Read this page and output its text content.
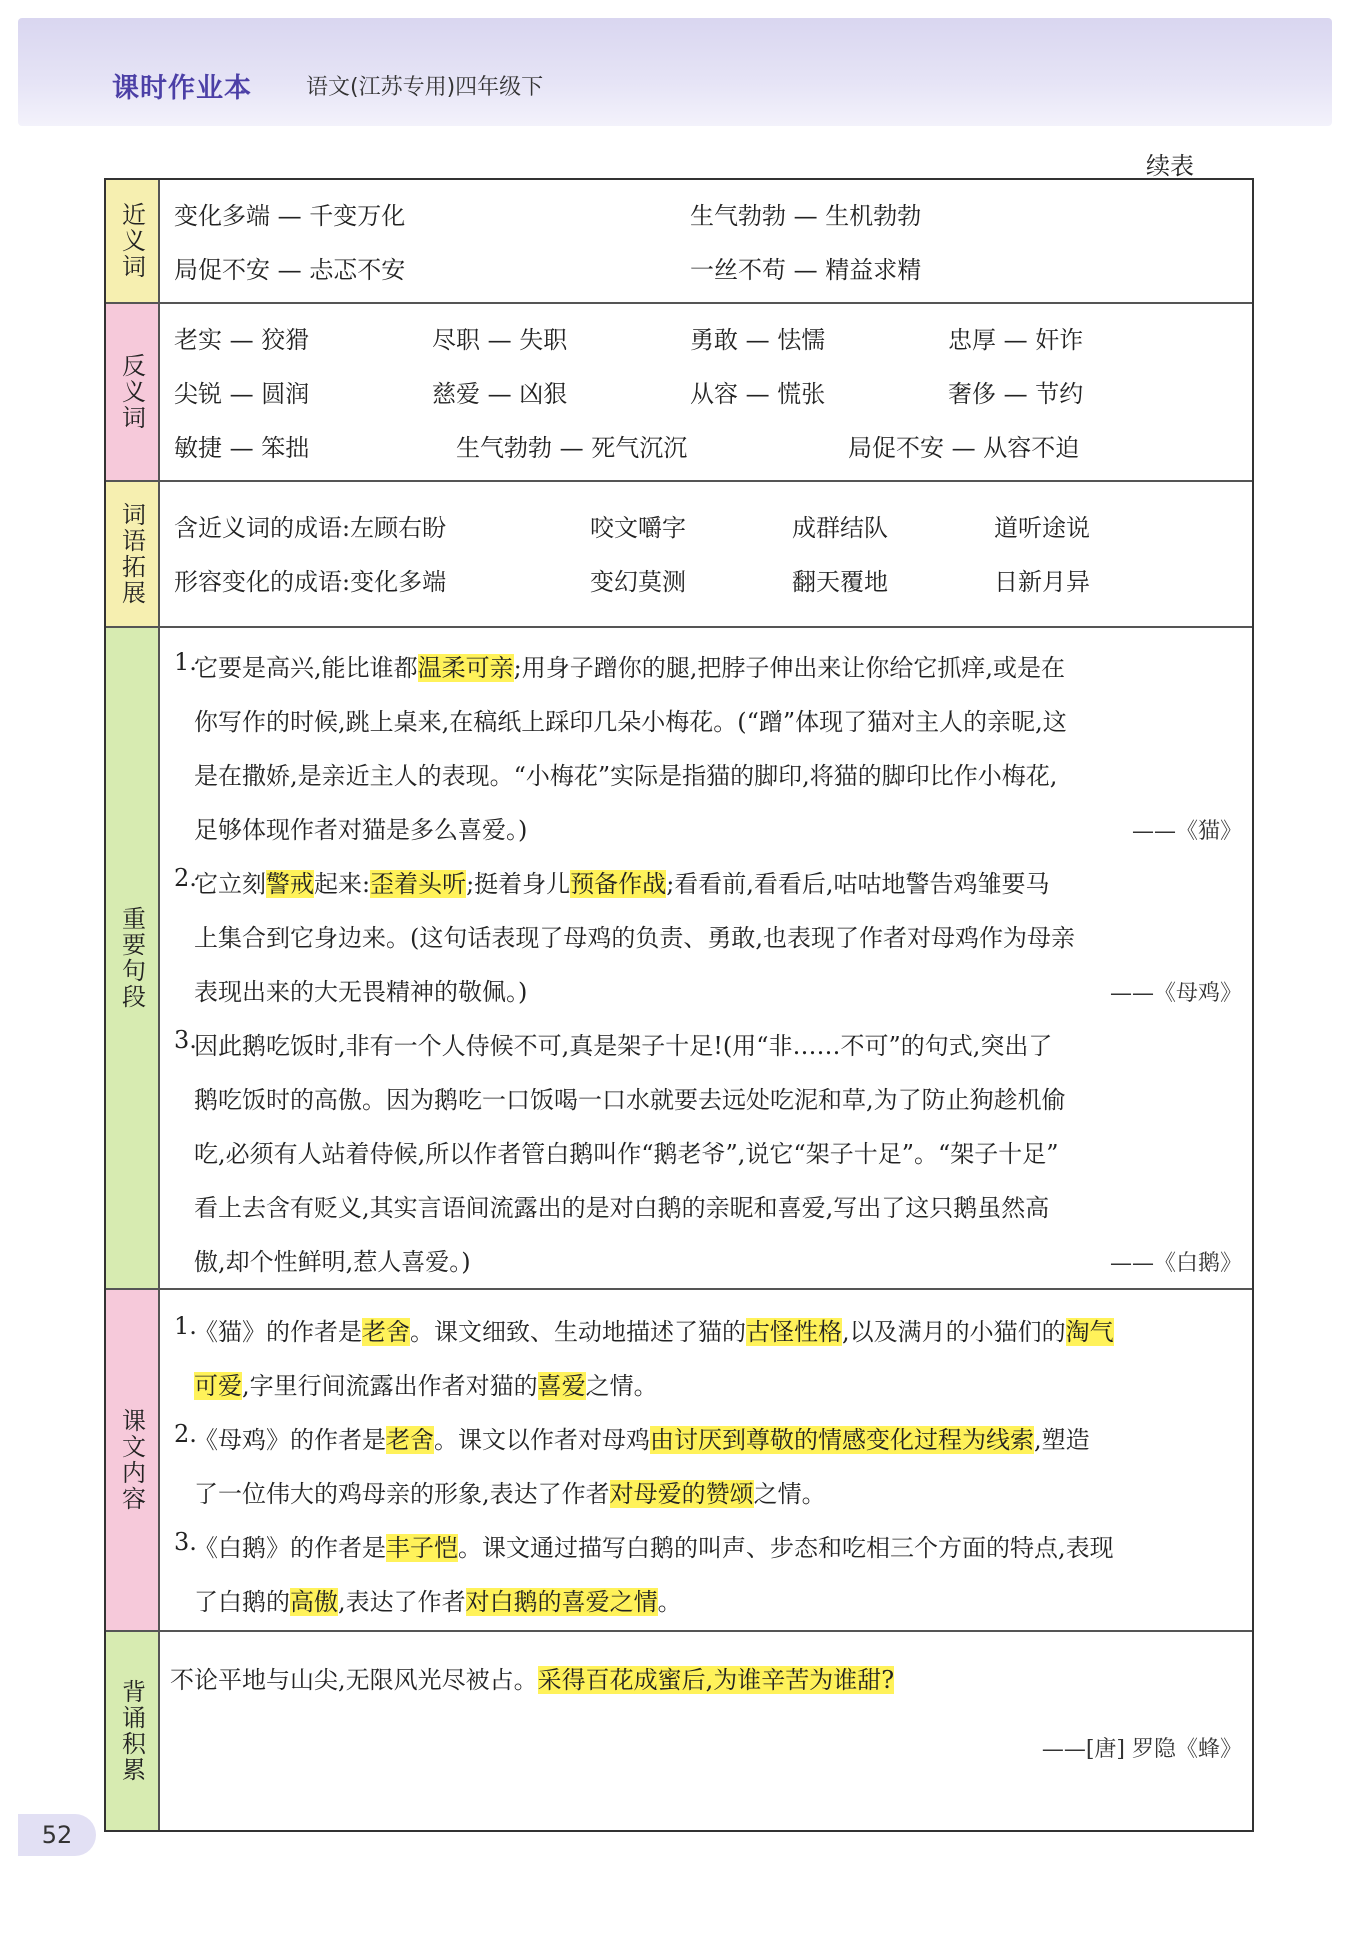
课时作业本 语文(江苏专用)四年级下
续表
近义词 变化多端 — 千变万化	生气勃勃 — 生机勃勃
局促不安 — 忐忑不安	一丝不苟 — 精益求精
反义词
老实 — 狡猾	尽职 — 失职	勇敢 — 怯懦	忠厚 — 奸诈
尖锐 — 圆润	慈爱 — 凶狠	从容 — 慌张	奢侈 — 节约
敏捷 — 笨拙	生气勃勃 — 死气沉沉	局促不安 — 从容不迫
词语拓展 含近义词的成语:左顾右盼	咬文嚼字	成群结队	道听途说
形容变化的成语:变化多端	变幻莫测	翻天覆地	日新月异
重要句段
1.
它要是高兴,能比谁都温柔可亲;用身子蹭你的腿,把脖子伸出来让你给它抓痒,或是在
你写作的时候,跳上桌来,在稿纸上踩印几朵小梅花。(“蹭”体现了猫对主人的亲昵,这
是在撒娇,是亲近主人的表现。“小梅花”实际是指猫的脚印,将猫的脚印比作小梅花,
足够体现作者对猫是多么喜爱。)	——《猫》
2.
它立刻警戒起来:歪着头听;挺着身儿预备作战;看看前,看看后,咕咕地警告鸡雏要马
上集合到它身边来。(这句话表现了母鸡的负责、勇敢,也表现了作者对母鸡作为母亲
表现出来的大无畏精神的敬佩。)	——《母鸡》
3.
因此鹅吃饭时,非有一个人侍候不可,真是架子十足!(用“非……不可”的句式,突出了
鹅吃饭时的高傲。因为鹅吃一口饭喝一口水就要去远处吃泥和草,为了防止狗趁机偷
吃,必须有人站着侍候,所以作者管白鹅叫作“鹅老爷”,说它“架子十足”。“架子十足”
看上去含有贬义,其实言语间流露出的是对白鹅的亲昵和喜爱,写出了这只鹅虽然高
傲,却个性鲜明,惹人喜爱。)	——《白鹅》
课文内容
1.
《猫》的作者是老舍。课文细致、生动地描述了猫的古怪性格,以及满月的小猫们的淘气
可爱,字里行间流露出作者对猫的喜爱之情。
2.
《母鸡》的作者是老舍。课文以作者对母鸡由讨厌到尊敬的情感变化过程为线索,塑造
了一位伟大的鸡母亲的形象,表达了作者对母爱的赞颂之情。
3.
《白鹅》的作者是丰子恺。课文通过描写白鹅的叫声、步态和吃相三个方面的特点,表现
了白鹅的高傲,表达了作者对白鹅的喜爱之情。
背诵积累 不论平地与山尖,无限风光尽被占。采得百花成蜜后,为谁辛苦为谁甜?
——[唐] 罗隐《蜂》
52
